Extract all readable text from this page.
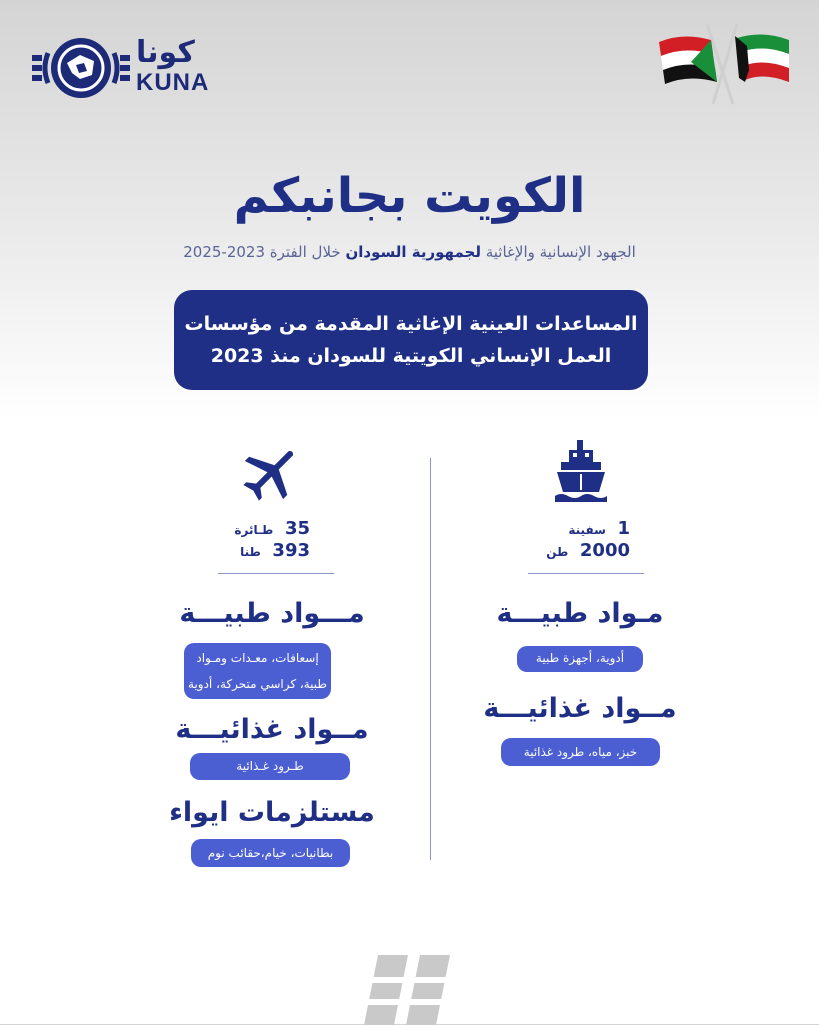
كونا
KUNA
الكويت بجانبكم
الجهود الإنسانية والإغاثية لجمهورية السودان خلال الفترة 2023-2025
المساعدات العينية الإغاثية المقدمة من مؤسسات
العمل الإنساني الكويتية للسودان منذ 2023
1 سفينة
2000 طن
مـواد طبيـــة
أدوية، أجهزة طبية
مــواد غذائيـــة
خبز، مياه، طرود غذائية
35 طـائرة
393 طنا
مـــواد طبيـــة
إسعافات، معـدات ومـواد
طبية، كراسي متحركة، أدوية
مــواد غذائيـــة
طـرود غـذائية
مستلزمات ايواء
بطانيات، خيام،حقائب نوم
